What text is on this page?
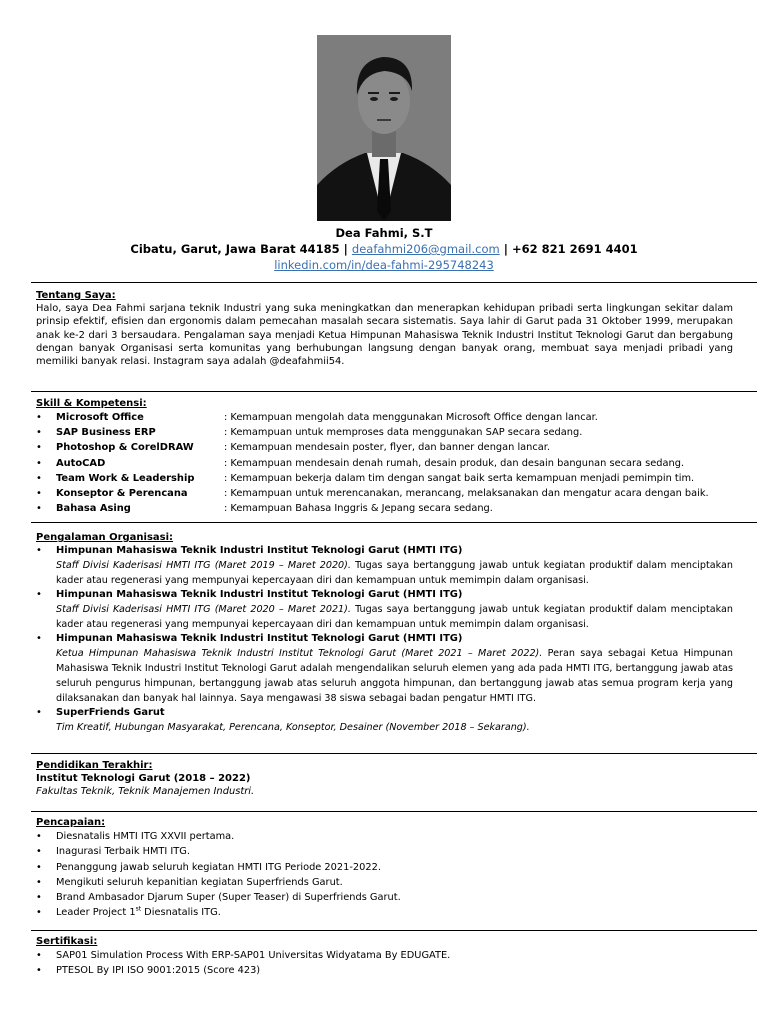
Dea Fahmi, S.T
Cibatu, Garut, Jawa Barat 44185 | deafahmi206@gmail.com | +62 821 2691 4401
linkedin.com/in/dea-fahmi-295748243
Tentang Saya:
Halo, saya Dea Fahmi sarjana teknik Industri yang suka meningkatkan dan menerapkan kehidupan pribadi serta lingkungan sekitar dalam prinsip efektif, efisien dan ergonomis dalam pemecahan masalah secara sistematis. Saya lahir di Garut pada 31 Oktober 1999, merupakan anak ke-2 dari 3 bersaudara. Pengalaman saya menjadi Ketua Himpunan Mahasiswa Teknik Industri Institut Teknologi Garut dan bergabung dengan banyak Organisasi serta komunitas yang berhubungan langsung dengan banyak orang, membuat saya menjadi pribadi yang memiliki banyak relasi. Instagram saya adalah @deafahmii54.
Skill & Kompetensi:
• Microsoft Office	: Kemampuan mengolah data menggunakan Microsoft Office dengan lancar.
• SAP Business ERP	: Kemampuan untuk memproses data menggunakan SAP secara sedang.
• Photoshop & CorelDRAW	: Kemampuan mendesain poster, flyer, dan banner dengan lancar.
• AutoCAD	: Kemampuan mendesain denah rumah, desain produk, dan desain bangunan secara sedang.
• Team Work & Leadership	: Kemampuan bekerja dalam tim dengan sangat baik serta kemampuan menjadi pemimpin tim.
• Konseptor & Perencana	: Kemampuan untuk merencanakan, merancang, melaksanakan dan mengatur acara dengan baik.
• Bahasa Asing	: Kemampuan Bahasa Inggris & Jepang secara sedang.
Pengalaman Organisasi:
• Himpunan Mahasiswa Teknik Industri Institut Teknologi Garut (HMTI ITG)
Staff Divisi Kaderisasi HMTI ITG (Maret 2019 – Maret 2020). Tugas saya bertanggung jawab untuk kegiatan produktif dalam menciptakan kader atau regenerasi yang mempunyai kepercayaan diri dan kemampuan untuk memimpin dalam organisasi.
• Himpunan Mahasiswa Teknik Industri Institut Teknologi Garut (HMTI ITG)
Staff Divisi Kaderisasi HMTI ITG (Maret 2020 – Maret 2021). Tugas saya bertanggung jawab untuk kegiatan produktif dalam menciptakan kader atau regenerasi yang mempunyai kepercayaan diri dan kemampuan untuk memimpin dalam organisasi.
• Himpunan Mahasiswa Teknik Industri Institut Teknologi Garut (HMTI ITG)
Ketua Himpunan Mahasiswa Teknik Industri Institut Teknologi Garut (Maret 2021 – Maret 2022). Peran saya sebagai Ketua Himpunan Mahasiswa Teknik Industri Institut Teknologi Garut adalah mengendalikan seluruh elemen yang ada pada HMTI ITG, bertanggung jawab atas seluruh pengurus himpunan, bertanggung jawab atas seluruh anggota himpunan, dan bertanggung jawab atas semua program kerja yang dilaksanakan dan banyak hal lainnya. Saya mengawasi 38 siswa sebagai badan pengatur HMTI ITG.
• SuperFriends Garut
Tim Kreatif, Hubungan Masyarakat, Perencana, Konseptor, Desainer (November 2018 – Sekarang).
Pendidikan Terakhir:
Institut Teknologi Garut (2018 – 2022)
Fakultas Teknik, Teknik Manajemen Industri.
Pencapaian:
• Diesnatalis HMTI ITG XXVII pertama.
• Inagurasi Terbaik HMTI ITG.
• Penanggung jawab seluruh kegiatan HMTI ITG Periode 2021-2022.
• Mengikuti seluruh kepanitian kegiatan Superfriends Garut.
• Brand Ambasador Djarum Super (Super Teaser) di Superfriends Garut.
• Leader Project 1st Diesnatalis ITG.
Sertifikasi:
• SAP01 Simulation Process With ERP-SAP01 Universitas Widyatama By EDUGATE.
• PTESOL By IPI ISO 9001:2015 (Score 423)
